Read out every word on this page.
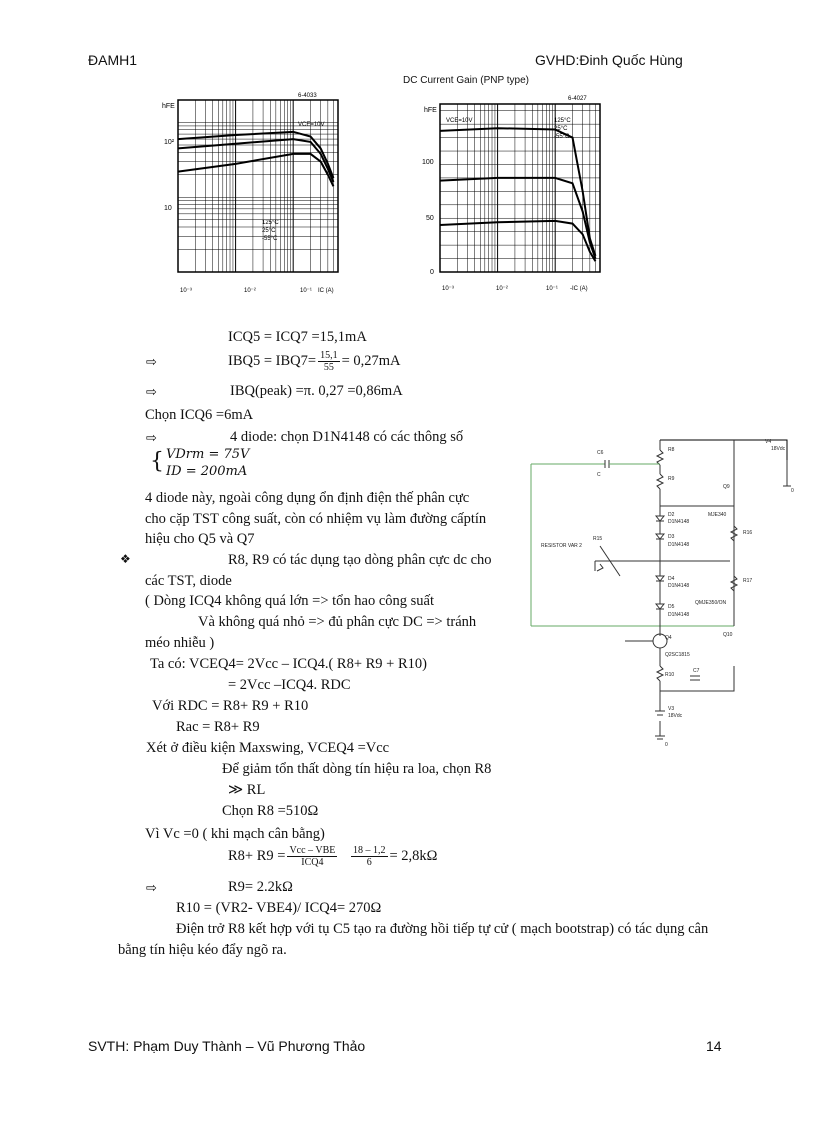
ĐAMH1	GVHD:Đinh Quốc Hùng
DC Current Gain (PNP type)
hFE
6-4033
VCE=10V
125°C
25°C
-55°C
10²
10
10⁻³	10⁻²	10⁻¹ IC (A)
hFE
6-4027
VCE=10V	125°C
25°C
-55°C
100
50
0
10⁻³	10⁻²	10⁻¹ -IC (A)
ICQ5 = ICQ7 =15,1mA
⇨	$IBQ5 = IBQ7= \frac{15,1}{55} = 0,27mA$
⇨	IBQ(peak) =π. 0,27 =0,86mA
Chọn ICQ6 =6mA
⇨	4 diode: chọn D1N4148 có các thông số
{ VDrm = 75V
ID = 200mA
4 diode này, ngoài công dụng ổn định điện thế phân cực
cho cặp TST công suất, còn có nhiệm vụ làm đường cấptín
hiệu cho Q5 và Q7
❖	R8, R9 có tác dụng tạo dòng phân cực dc cho
các TST, diode
( Dòng ICQ4 không quá lớn => tổn hao công suất
Và không quá nhỏ => đủ phân cực DC => tránh
méo nhiễu )
Ta có: VCEQ4= 2Vcc – ICQ4.( R8+ R9 + R10)
= 2Vcc –ICQ4. RDC
Với RDC = R8+ R9 + R10
Rac = R8+ R9
Xét ở điều kiện Maxswing, VCEQ4 =Vcc
Để giảm tổn thất dòng tín hiệu ra loa, chọn R8
≫ RL
Chọn R8 =510Ω
Vì Vc =0 ( khi mạch cân bằng)
$R8+ R9 = \frac{\text{Vcc – VBE}}{\text{ICQ4}}$
$\frac{18 - 1,2}{6} = 2,8k\Omega$
⇨	R9= 2.2kΩ
R10 = (VR2- VBE4)/ ICQ4= 270Ω
Điện trở R8 kết hợp với tụ C5 tạo ra đường hồi tiếp tự cử ( mạch bootstrap) có tác dụng cân
bằng tín hiệu kéo đẩy ngõ ra.
C6
C
R8
R9
V4
18Vdc
0
Q9
D2
D1N4148
MJE340
R16
D3
D1N4148
R15
RESISTOR VAR 2
D4
D1N4148
R17
D5
D1N4148
QMJE350/ON
Q10
Q4
Q2SC1815
R10
C7
V3
18Vdc
0
SVTH: Phạm Duy Thành – Vũ Phương Thảo	14
